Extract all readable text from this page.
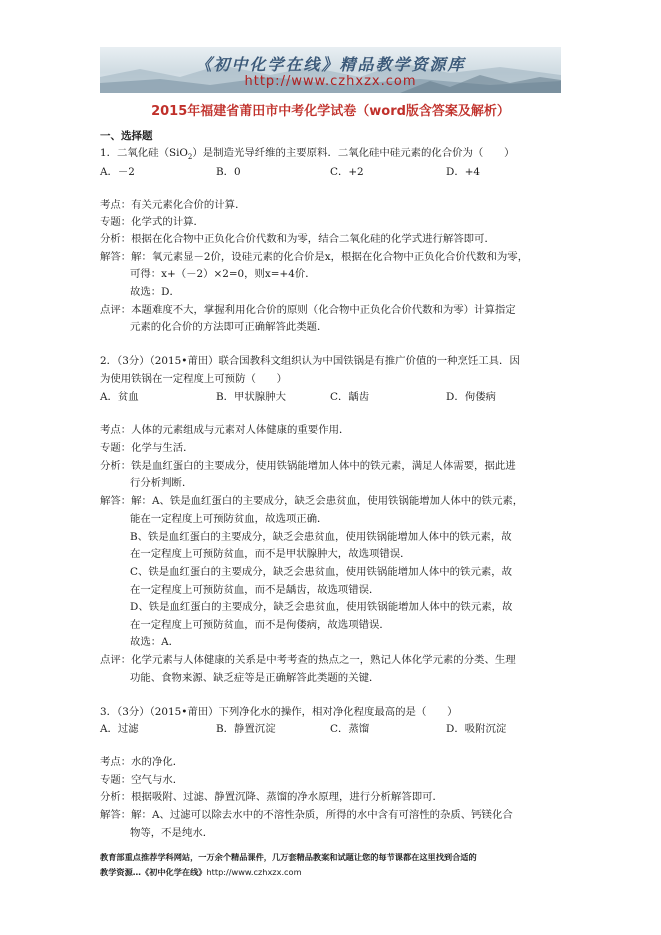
《初中化学在线》精品教学资源库
http://www.czhxzx.com
2015年福建省莆田市中考化学试卷（word版含答案及解析）
一、选择题
1．二氧化硅（SiO$_2$）是制造光导纤维的主要原料．二氧化硅中硅元素的化合价为（　　）
A．－2	B．0	C．+2	D．+4
考点：有关元素化合价的计算．
专题：化学式的计算．
分析：根据在化合物中正负化合价代数和为零，结合二氧化硅的化学式进行解答即可．
解答：解：氧元素显－2价，设硅元素的化合价是x，根据在化合物中正负化合价代数和为零，
可得：x+（－2）×2=0，则x=+4价．
故选：D．
点评：本题难度不大，掌握利用化合价的原则（化合物中正负化合价代数和为零）计算指定
元素的化合价的方法即可正确解答此类题．
2．（3分）（2015•莆田）联合国教科文组织认为中国铁锅是有推广价值的一种烹饪工具．因
为使用铁锅在一定程度上可预防（　　）
A．贫血	B．甲状腺肿大	C．龋齿	D．佝偻病
考点：人体的元素组成与元素对人体健康的重要作用．
专题：化学与生活．
分析：铁是血红蛋白的主要成分，使用铁锅能增加人体中的铁元素，满足人体需要，据此进
行分析判断．
解答：解：A、铁是血红蛋白的主要成分，缺乏会患贫血，使用铁锅能增加人体中的铁元素，
能在一定程度上可预防贫血，故选项正确．
B、铁是血红蛋白的主要成分，缺乏会患贫血，使用铁锅能增加人体中的铁元素，故
在一定程度上可预防贫血，而不是甲状腺肿大，故选项错误．
C、铁是血红蛋白的主要成分，缺乏会患贫血，使用铁锅能增加人体中的铁元素，故
在一定程度上可预防贫血，而不是龋齿，故选项错误．
D、铁是血红蛋白的主要成分，缺乏会患贫血，使用铁锅能增加人体中的铁元素，故
在一定程度上可预防贫血，而不是佝偻病，故选项错误．
故选：A．
点评：化学元素与人体健康的关系是中考考查的热点之一，熟记人体化学元素的分类、生理
功能、食物来源、缺乏症等是正确解答此类题的关键．
3．（3分）（2015•莆田）下列净化水的操作，相对净化程度最高的是（　　）
A．过滤	B．静置沉淀	C．蒸馏	D．吸附沉淀
考点：水的净化．
专题：空气与水．
分析：根据吸附、过滤、静置沉降、蒸馏的净水原理，进行分析解答即可．
解答：解：A、过滤可以除去水中的不溶性杂质，所得的水中含有可溶性的杂质、钙镁化合
物等，不是纯水．
教育部重点推荐学科网站，一万余个精品课件，几万套精品教案和试题让您的每节课都在这里找到合适的
教学资源…《初中化学在线》http://www.czhxzx.com
